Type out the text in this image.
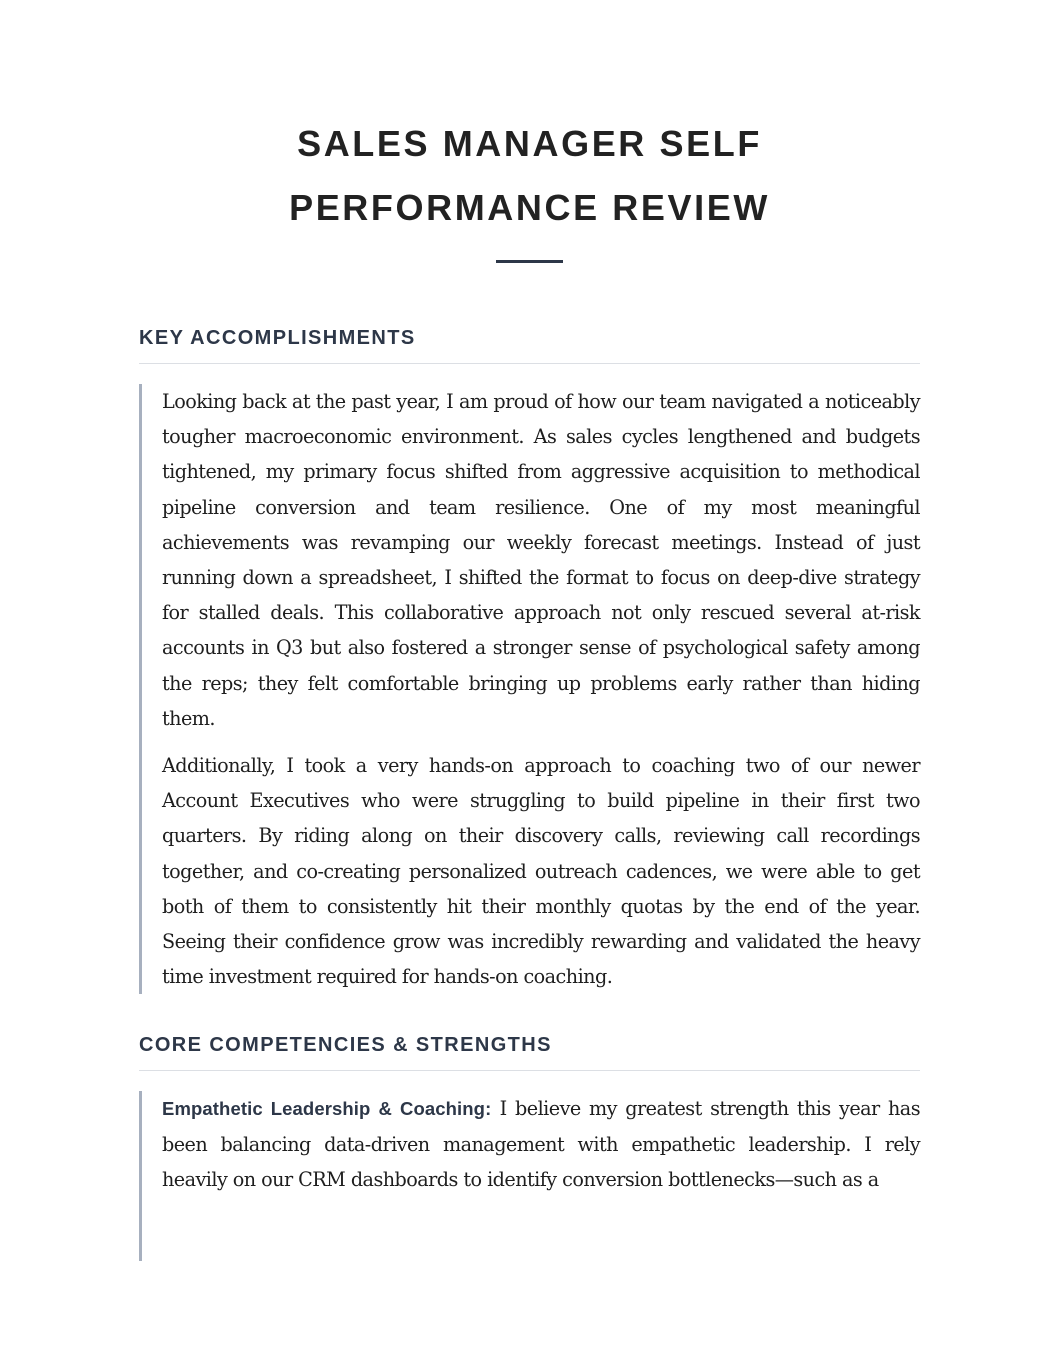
SALES MANAGER SELF
PERFORMANCE REVIEW
KEY ACCOMPLISHMENTS

Looking back at the past year, I am proud of how our team navigated a noticeably tougher macroeconomic environment. As sales cycles lengthened and budgets tightened, my primary focus shifted from aggressive acquisition to methodical pipeline conversion and team resilience. One of my most meaningful achievements was revamping our weekly forecast meetings. Instead of just running down a spreadsheet, I shifted the format to focus on deep-dive strategy for stalled deals. This collaborative approach not only rescued several at-risk accounts in Q3 but also fostered a stronger sense of psychological safety among the reps; they felt comfortable bringing up problems early rather than hiding them.

Additionally, I took a very hands-on approach to coaching two of our newer Account Executives who were struggling to build pipeline in their first two quarters. By riding along on their discovery calls, reviewing call recordings together, and co-creating personalized outreach cadences, we were able to get both of them to consistently hit their monthly quotas by the end of the year. Seeing their confidence grow was incredibly rewarding and validated the heavy time investment required for hands-on coaching.

CORE COMPETENCIES & STRENGTHS

Empathetic Leadership & Coaching: I believe my greatest strength this year has been balancing data-driven management with empathetic leadership. I rely heavily on our CRM dashboards to identify conversion bottlenecks—such as a
